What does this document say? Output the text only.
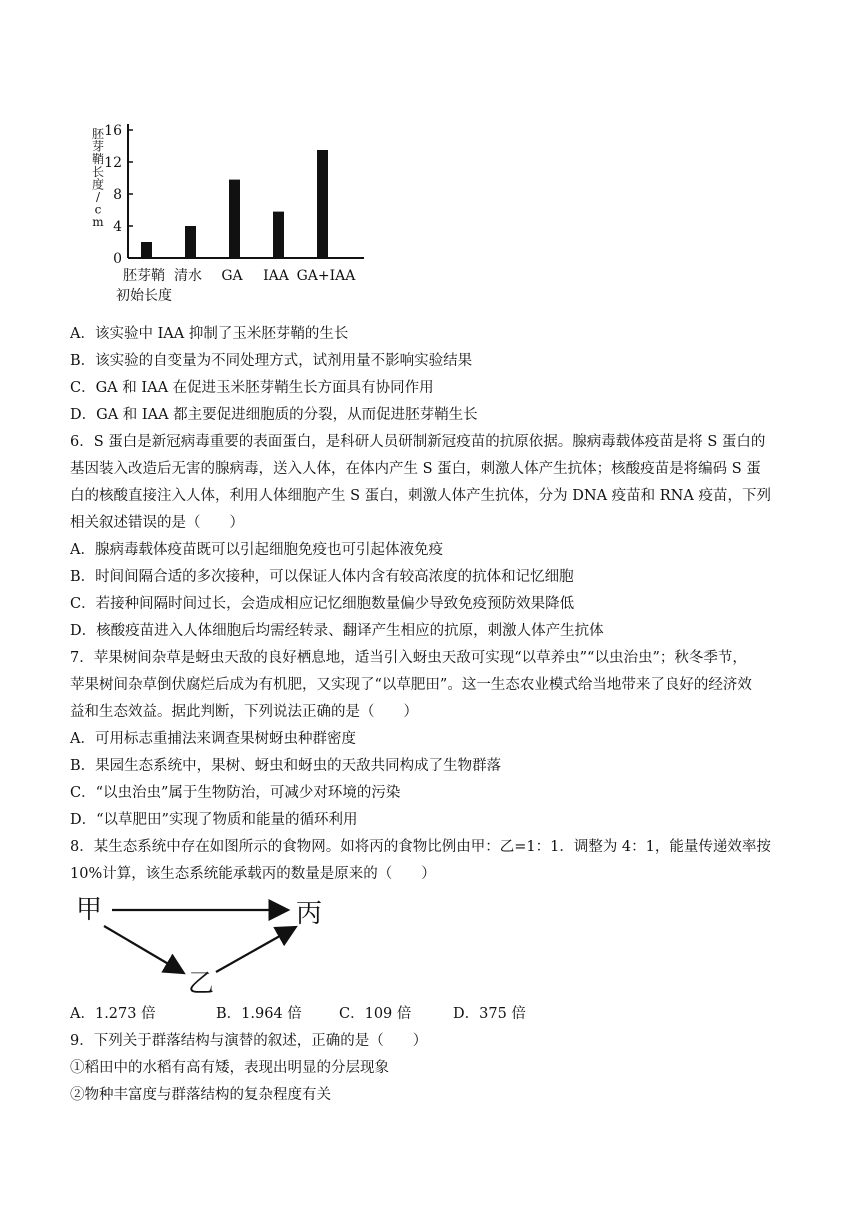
0
4
8
12
16
胚芽鞘长度/ c m
胚芽鞘
初始长度
清水 GA IAA GA+IAA
A．该实验中 IAA 抑制了玉米胚芽鞘的生长
B．该实验的自变量为不同处理方式，试剂用量不影响实验结果
C．GA 和 IAA 在促进玉米胚芽鞘生长方面具有协同作用
D．GA 和 IAA 都主要促进细胞质的分裂，从而促进胚芽鞘生长
6．S 蛋白是新冠病毒重要的表面蛋白，是科研人员研制新冠疫苗的抗原依据。腺病毒载体疫苗是将 S 蛋白的
基因装入改造后无害的腺病毒，送入人体，在体内产生 S 蛋白，刺激人体产生抗体；核酸疫苗是将编码 S 蛋
白的核酸直接注入人体，利用人体细胞产生 S 蛋白，刺激人体产生抗体，分为 DNA 疫苗和 RNA 疫苗，下列
相关叙述错误的是（　　）
A．腺病毒载体疫苗既可以引起细胞免疫也可引起体液免疫
B．时间间隔合适的多次接种，可以保证人体内含有较高浓度的抗体和记忆细胞
C．若接种间隔时间过长，会造成相应记忆细胞数量偏少导致免疫预防效果降低
D．核酸疫苗进入人体细胞后均需经转录、翻译产生相应的抗原，刺激人体产生抗体
7．苹果树间杂草是蚜虫天敌的良好栖息地，适当引入蚜虫天敌可实现“以草养虫”“以虫治虫”；秋冬季节，
苹果树间杂草倒伏腐烂后成为有机肥，又实现了“以草肥田”。这一生态农业模式给当地带来了良好的经济效
益和生态效益。据此判断，下列说法正确的是（　　）
A．可用标志重捕法来调查果树蚜虫种群密度
B．果园生态系统中，果树、蚜虫和蚜虫的天敌共同构成了生物群落
C．“以虫治虫”属于生物防治，可减少对环境的污染
D．“以草肥田”实现了物质和能量的循环利用
8．某生态系统中存在如图所示的食物网。如将丙的食物比例由甲：乙=1：1．调整为 4：1，能量传递效率按
10%计算，该生态系统能承载丙的数量是原来的（　　）
甲
乙
丙
A．1.273 倍	B．1.964 倍	C．109 倍	D．375 倍
9．下列关于群落结构与演替的叙述，正确的是（　　）
①稻田中的水稻有高有矮，表现出明显的分层现象
②物种丰富度与群落结构的复杂程度有关
